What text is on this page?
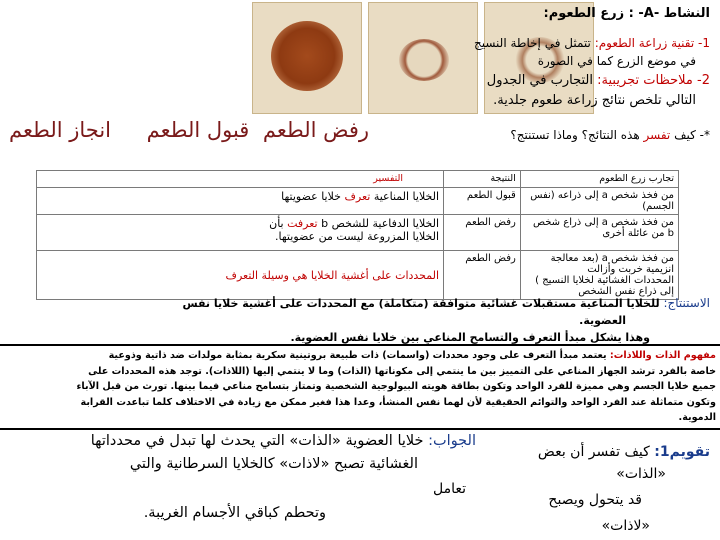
انجاز الطعم	قبول الطعم رفض الطعم
النشاط -A- : زرع الطعوم:
1- تقنية زراعة الطعوم: تتمثل في إخاطة النسيج
في موضع الزرع كما في الصورة
2- ملاحظات تجريبية: التجارب في الجدول
التالي تلخص نتائج زراعة طعوم جلدية.
*- كيف تفسر هذه النتائج؟ وماذا تستنتج؟
تجارب زرع الطعوم	النتيجة	التفسير
من فخذ شخص a إلى ذراعه (نفس الجسم)	قبول الطعم	الخلايا المناعية تعرف خلايا عضويتها
من فخذ شخص a إلى ذراع شخص b من عائلة أخرى	رفض الطعم	الخلايا الدفاعية للشخص b تعرفت بأن
الخلايا المزروعة ليست من عضويتها.
من فخذ شخص a (بعد معالجة انزيمية خربت وأزالت
المحددات الغشائية لخلايا النسيج ) إلى ذراع نفس الشخص	رفض الطعم	المحددات على أغشية الخلايا هي وسيلة التعرف
الاستنتاج: للخلايا المناعية مستقبلات غشائية متوافقة (متكاملة) مع المحددات على أغشية خلايا نفس
العضوية.
وهذا يشكل مبدأ التعرف والتسامح المناعي بين خلايا نفس العضوية.
مفهوم الذات واللاذات: يعتمد مبدأ التعرف على وجود محددات (واسمات) ذات طبيعة بروتينية سكرية بمثابة مولدات ضد ذاتية وذوعية
خاصة بالفرد ترشد الجهاز المناعي على التمييز بين ما ينتمي إلى مكوناتها (الذات) وما لا ينتمي إليها (اللاذات). توجد هذه المحددات على
جميع خلايا الجسم وهي مميزة للفرد الواحد وتكون بطاقة هويته البيولوجية الشخصية وتمتاز بتسامح مناعي فيما بينها. تورث من قبل الآباء
وتكون متماثلة عند الفرد الواحد والتوائم الحقيقية لأن لهما نفس المنشأ، وعدا هذا فغير ممكن مع زيادة في الاختلاف كلما تباعدت القرابة
الدموية.
تقويم1: كيف تفسر أن بعض
«الذات»
قد يتحول ويصبح
«لاذات»
الجواب: خلايا العضوية «الذات» التي يحدث لها تبدل في محدداتها
الغشائية تصبح «لاذات» كالخلايا السرطانية والتي
تعامل
وتحطم كباقي الأجسام الغريبة.
